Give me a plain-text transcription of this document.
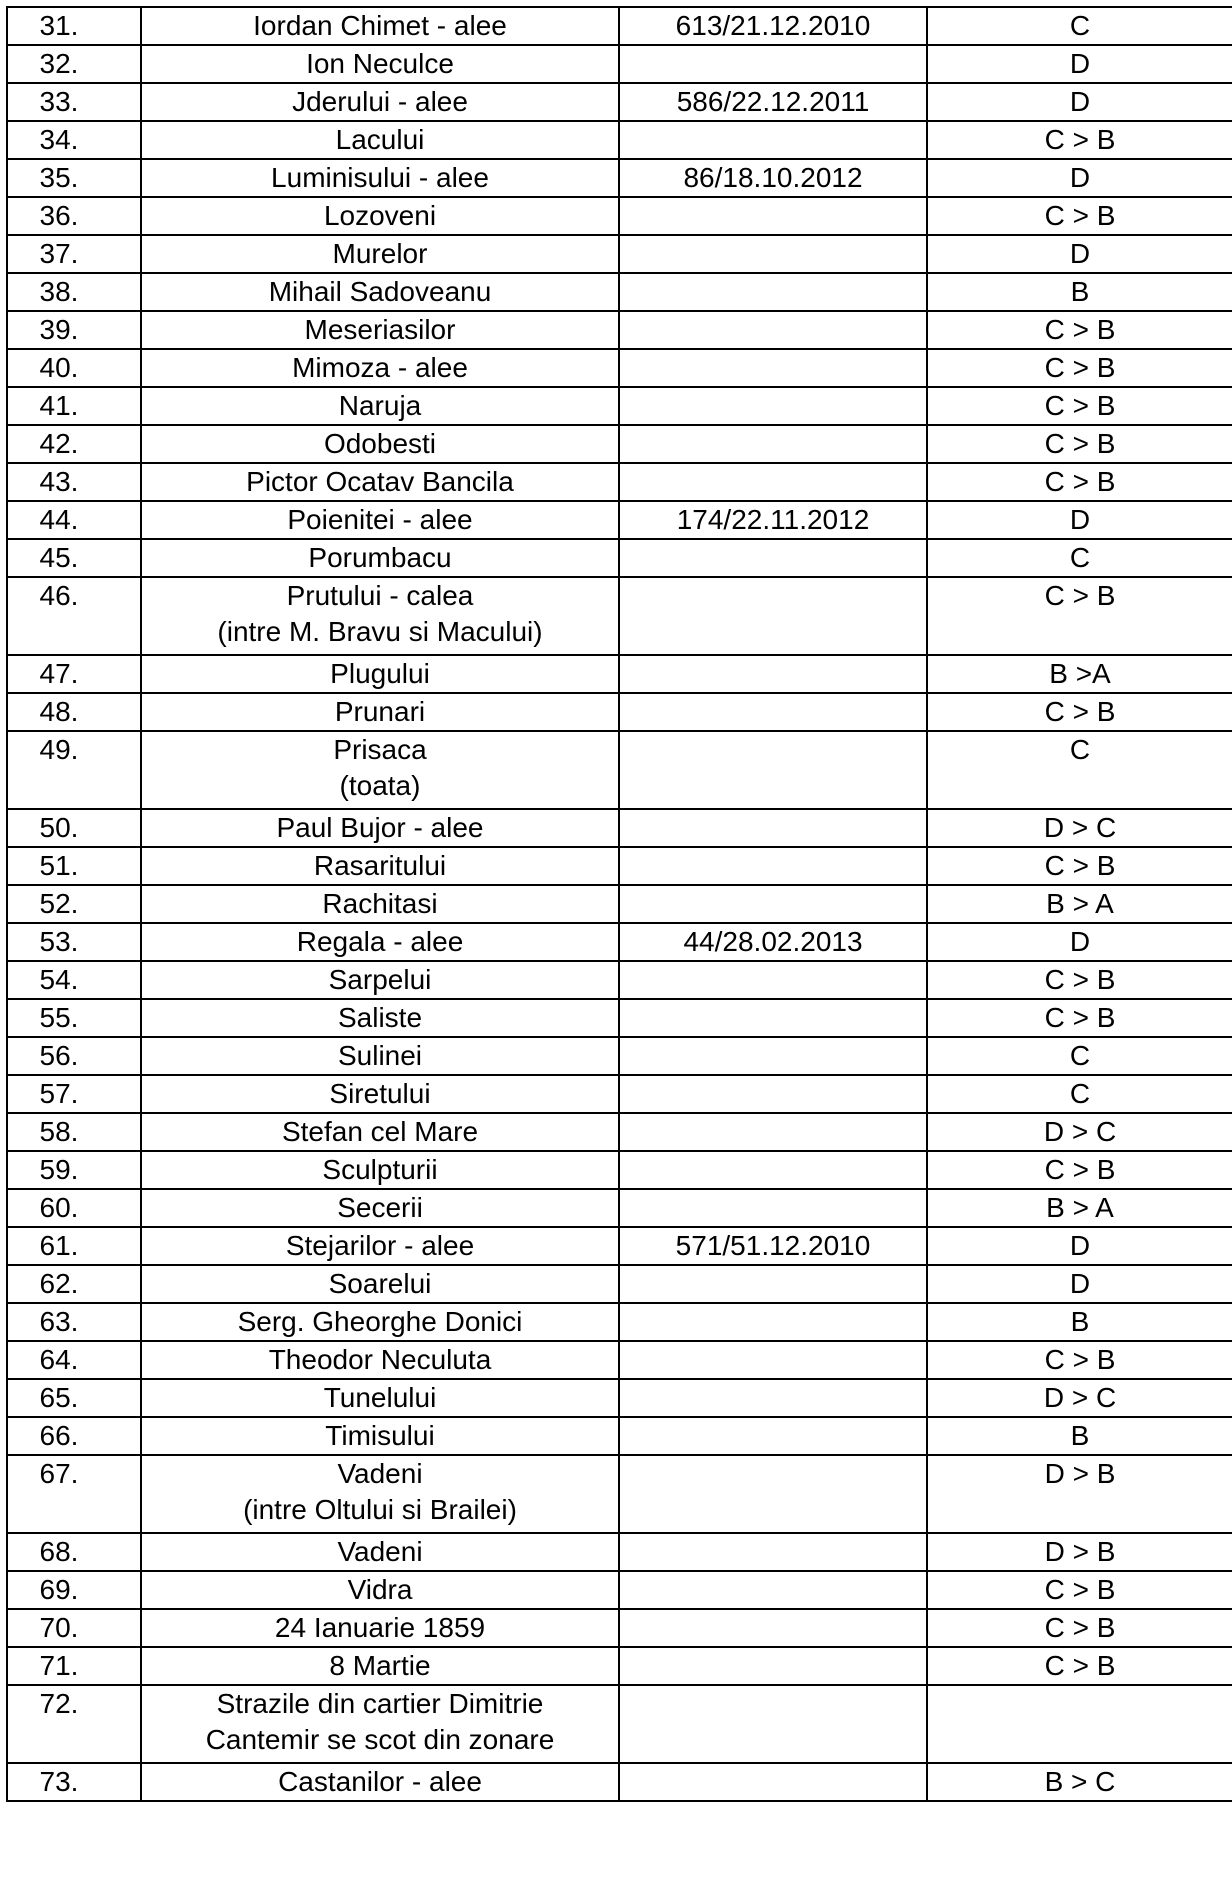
31.	Iordan Chimet - alee	613/21.12.2010	C
32.	Ion Neculce		D
33.	Jderului - alee	586/22.12.2011	D
34.	Lacului		C > B
35.	Luminisului - alee	86/18.10.2012	D
36.	Lozoveni		C > B
37.	Murelor		D
38.	Mihail Sadoveanu		B
39.	Meseriasilor		C > B
40.	Mimoza - alee		C > B
41.	Naruja		C > B
42.	Odobesti		C > B
43.	Pictor Ocatav Bancila		C > B
44.	Poienitei - alee	174/22.11.2012	D
45.	Porumbacu		C
46.	Prutului - calea
(intre M. Bravu si Macului)		C > B
47.	Plugului		B >A
48.	Prunari		C > B
49.	Prisaca
(toata)		C
50.	Paul Bujor - alee		D > C
51.	Rasaritului		C > B
52.	Rachitasi		B > A
53.	Regala - alee	44/28.02.2013	D
54.	Sarpelui		C > B
55.	Saliste		C > B
56.	Sulinei		C
57.	Siretului		C
58.	Stefan cel Mare		D > C
59.	Sculpturii		C > B
60.	Secerii		B > A
61.	Stejarilor - alee	571/51.12.2010	D
62.	Soarelui		D
63.	Serg. Gheorghe Donici		B
64.	Theodor Neculuta		C > B
65.	Tunelului		D > C
66.	Timisului		B
67.	Vadeni
(intre Oltului si Brailei)		D > B
68.	Vadeni		D > B
69.	Vidra		C > B
70.	24 Ianuarie 1859		C > B
71.	8 Martie		C > B
72.	Strazile din cartier Dimitrie
Cantemir se scot din zonare		
73.	Castanilor - alee		B > C
